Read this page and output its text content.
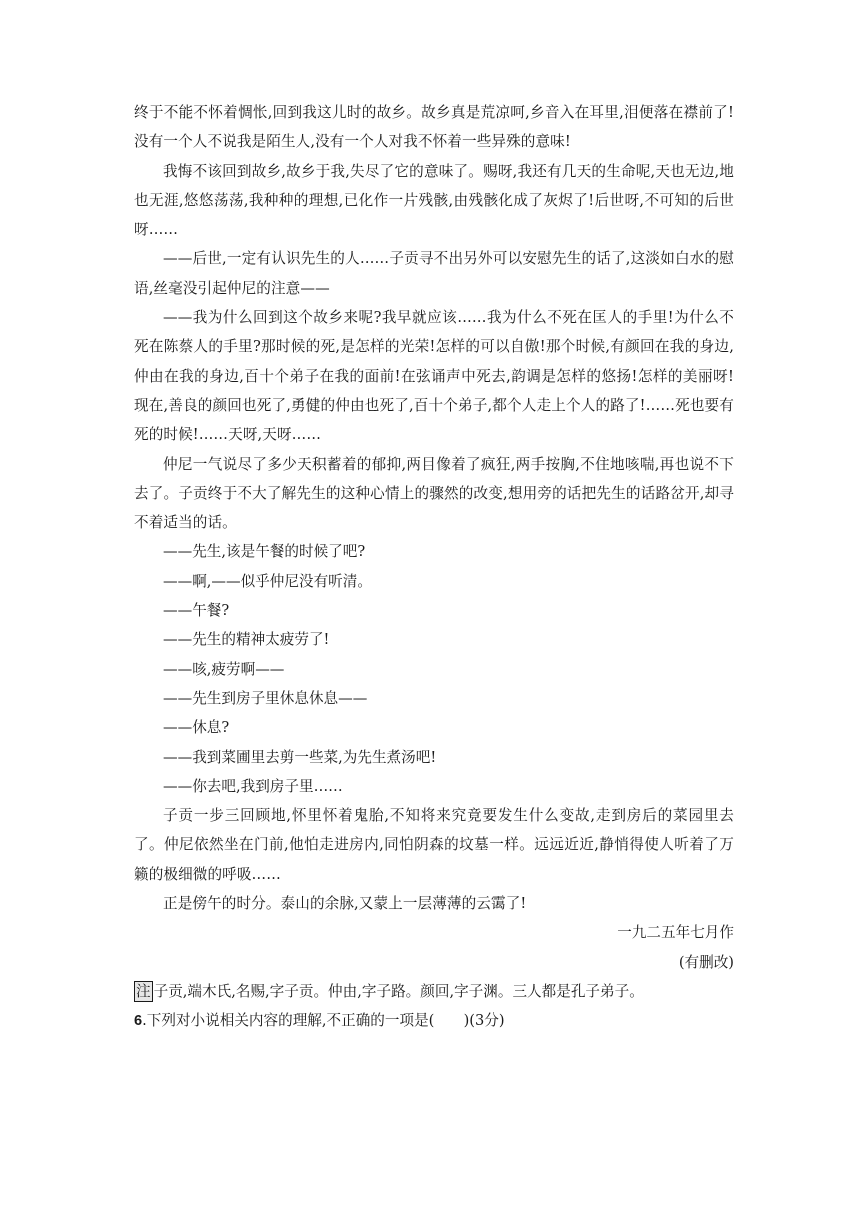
终于不能不怀着惆怅,回到我这儿时的故乡。故乡真是荒凉呵,乡音入在耳里,泪便落在襟前了!没有一个人不说我是陌生人,没有一个人对我不怀着一些异殊的意味!

我悔不该回到故乡,故乡于我,失尽了它的意味了。赐呀,我还有几天的生命呢,天也无边,地也无涯,悠悠荡荡,我种种的理想,已化作一片残骸,由残骸化成了灰烬了!后世呀,不可知的后世呀……

——后世,一定有认识先生的人……子贡寻不出另外可以安慰先生的话了,这淡如白水的慰语,丝毫没引起仲尼的注意——

——我为什么回到这个故乡来呢?我早就应该……我为什么不死在匡人的手里!为什么不死在陈蔡人的手里?那时候的死,是怎样的光荣!怎样的可以自傲!那个时候,有颜回在我的身边,仲由在我的身边,百十个弟子在我的面前!在弦诵声中死去,韵调是怎样的悠扬!怎样的美丽呀!现在,善良的颜回也死了,勇健的仲由也死了,百十个弟子,都个人走上个人的路了!……死也要有死的时候!……天呀,天呀……

仲尼一气说尽了多少天积蓄着的郁抑,两目像着了疯狂,两手按胸,不住地咳喘,再也说不下去了。子贡终于不大了解先生的这种心情上的骤然的改变,想用旁的话把先生的话路岔开,却寻不着适当的话。

——先生,该是午餐的时候了吧?

——啊,——似乎仲尼没有听清。

——午餐?

——先生的精神太疲劳了!

——咳,疲劳啊——

——先生到房子里休息休息——

——休息?

——我到菜圃里去剪一些菜,为先生煮汤吧!

——你去吧,我到房子里……

子贡一步三回顾地,怀里怀着鬼胎,不知将来究竟要发生什么变故,走到房后的菜园里去了。仲尼依然坐在门前,他怕走进房内,同怕阴森的坟墓一样。远远近近,静悄得使人听着了万籁的极细微的呼吸……

正是傍午的时分。泰山的余脉,又蒙上一层薄薄的云霭了!

一九二五年七月作

(有删改)

注 子贡,端木氏,名赐,字子贡。仲由,字子路。颜回,字子渊。三人都是孔子弟子。

6.下列对小说相关内容的理解,不正确的一项是(　　)(3分)
